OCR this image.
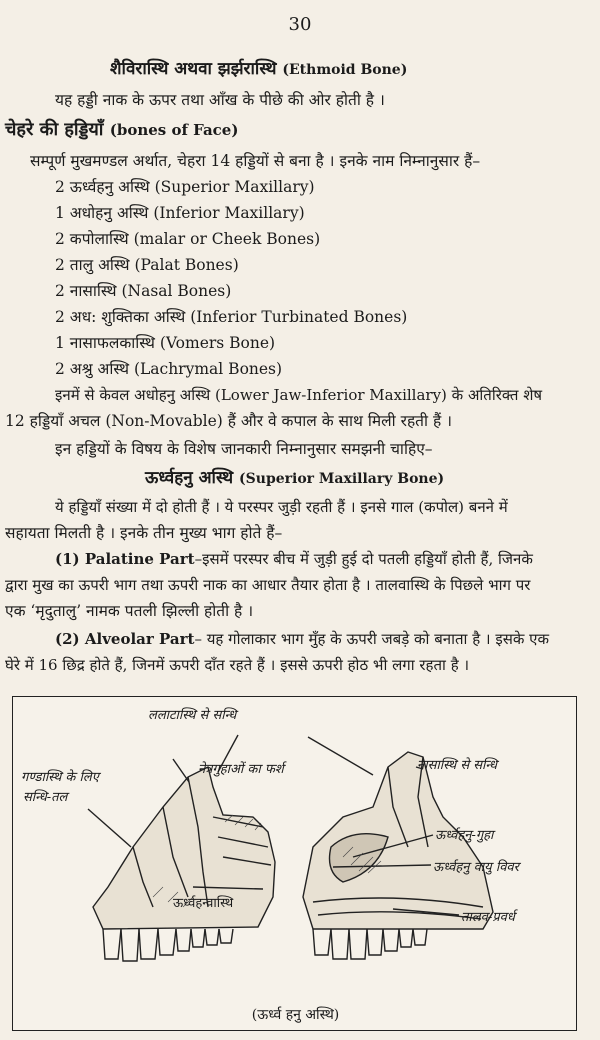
30
शैविरास्थि अथवा झर्झरास्थि (Ethmoid Bone)
यह हड्डी नाक के ऊपर तथा आँख के पीछे की ओर होती है ।
चेहरे की हड्डियाँ (bones of Face)
सम्पूर्ण मुखमण्डल अर्थात, चेहरा 14 हड्डियों से बना है । इनके नाम निम्नानुसार हैं–
2 ऊर्ध्वहनु अस्थि (Superior Maxillary)
1 अधोहनु अस्थि (Inferior Maxillary)
2 कपोलास्थि (malar or Cheek Bones)
2 तालु अस्थि (Palat Bones)
2 नासास्थि (Nasal Bones)
2 अध: शुक्तिका अस्थि (Inferior Turbinated Bones)
1 नासाफलकास्थि (Vomers Bone)
2 अश्रु अस्थि (Lachrymal Bones)
इनमें से केवल अधोहनु अस्थि (Lower Jaw-Inferior Maxillary) के अतिरिक्त शेष
12 हड्डियाँ अचल (Non-Movable) हैं और वे कपाल के साथ मिली रहती हैं ।
इन हड्डियों के विषय के विशेष जानकारी निम्नानुसार समझनी चाहिए–
ऊर्ध्वहनु अस्थि (Superior Maxillary Bone)
ये हड्डियाँ संख्या में दो होती हैं । ये परस्पर जुड़ी रहती हैं । इनसे गाल (कपोल) बनने में
सहायता मिलती है । इनके तीन मुख्य भाग होते हैं–
(1) Palatine Part–इसमें परस्पर बीच में जुड़ी हुई दो पतली हड्डियाँ होती हैं, जिनके
द्वारा मुख का ऊपरी भाग तथा ऊपरी नाक का आधार तैयार होता है । तालवास्थि के पिछले भाग पर
एक ‘मृदुतालु’ नामक पतली झिल्ली होती है ।
(2) Alveolar Part– यह गोलाकार भाग मुँह के ऊपरी जबड़े को बनाता है । इसके एक
घेरे में 16 छिद्र होते हैं, जिनमें ऊपरी दाँत रहते हैं । इससे ऊपरी होठ भी लगा रहता है ।
ललाटास्थि से सन्धि
नासास्थि से सन्धि
गण्डास्थि के लिए
सन्धि-तल
नेत्रगुहाओं का फर्श
ऊर्ध्वहनु-गुहा
ऊर्ध्वहनु वायु विवर
तालव-प्रवर्ध
ऊर्ध्वहन्वास्थि
(ऊर्ध्व हनु अस्थि)
